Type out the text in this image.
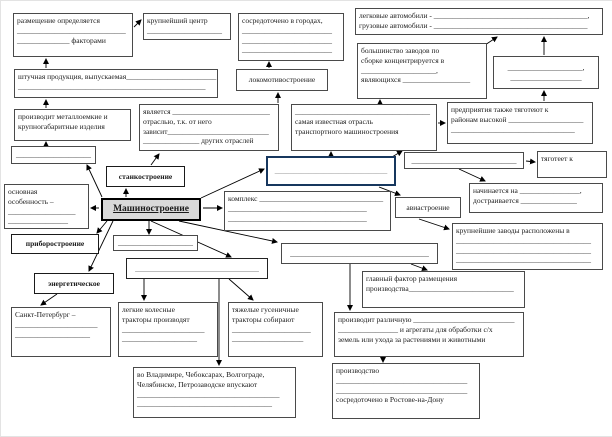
размещение определяется
_____________________________
______________ факторами
крупнейший центр
____________________
сосредоточено в городах,
________________________
________________________
________________________
легковые автомобили - _________________________________________,
грузовые автомобили - _________________________________________
большинство заводов по
сборке концентрируется в
____________________,
являющихся __________________
____________________,
___________________
штучная продукция, выпускаемая________________________
__________________________________________________
локомотивостроение
производит металлоемкие и
крупногабаритные изделия
является __________________________
отраслью, т.к. от него
зависит___________________________
_______________ других отраслей
____________________________________
самая известная отрасль
транспортного машиностроения
предприятия также тяготеют к
районам высокой ____________________
_________________________________
____________________
станкостроение
____________________________	тяготеет к
______________________________
начинается на ________________,
достраивается _______________
основная
особенность –
__________________
________________
Машиностроение
комплекс _________________________________
_____________________________________
_____________________________________
авиастроение
приборостроение	____________________
крупнейшие заводы расположены в
____________________________________
____________________________________
____________________________________
_________________________________
_____________________________________
энергетическое
главный фактор размещения
производства____________________________
Санкт-Петербург –
______________________
____________________
легкие колесные
тракторы производят
______________________
____________________
тяжелые гусеничные
тракторы собирают
_____________________
___________________
производит различную ___________________________
________________ и агрегаты для обработки с/х
земель или ухода за растениями и животными
во Владимире, Чебоксарах, Волгограде,
Челябинске, Петрозаводске впускают
______________________________________
____________________________________
производство
___________________________________
___________________________________
сосредоточено в Ростове-на-Дону
